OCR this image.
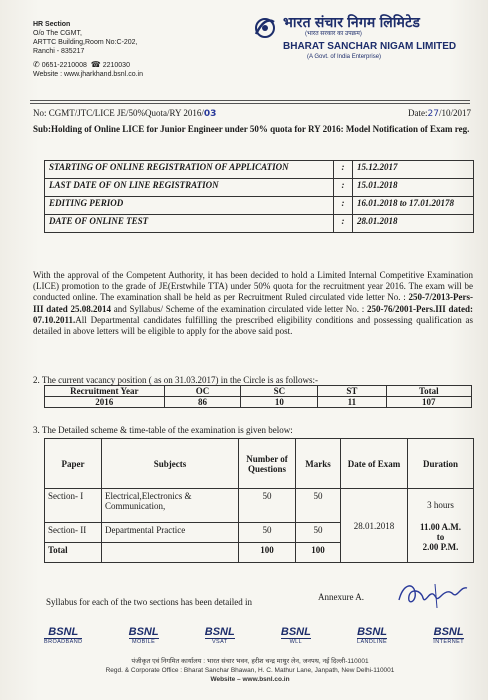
HR Section
O/o The CGMT,
ARTTC Building,Room No:C-202,
Ranchi - 835217
✆ 0651-2210008 ☎ 2210030
Website : www.jharkhand.bsnl.co.in
भारत संचार निगम लिमिटेड
(भारत सरकार का उपक्रम)
BHARAT SANCHAR NIGAM LIMITED
(A Govt. of India Enterprise)
No: CGMT/JTC/LICE JE/50%Quota/RY 2016/03	Date:27/10/2017
Sub:Holding of Online LICE for Junior Engineer under 50% quota for RY 2016: Model Notification of Exam reg.
STARTING OF ONLINE REGISTRATION OF APPLICATION	:	15.12.2017
LAST DATE OF ON LINE REGISTRATION	:	15.01.2018
EDITING PERIOD	:	16.01.2018 to 17.01.20178
DATE OF ONLINE TEST	:	28.01.2018
With the approval of the Competent Authority, it has been decided to hold a Limited Internal Competitive Examination (LICE) promotion to the grade of JE(Erstwhile TTA) under 50% quota for the recruitment year 2016. The exam will be conducted online. The examination shall be held as per Recruitment Ruled circulated vide letter No. : 250-7/2013-Pers-III dated 25.08.2014 and Syllabus/ Scheme of the examination circulated vide letter No. : 250-76/2001-Pers.III dated: 07.10.2011.All Departmental candidates fulfilling the prescribed eligibility conditions and possessing qualification as detailed in above letters will be eligible to apply for the above said post.
2. The current vacancy position ( as on 31.03.2017) in the Circle is as follows:-
Recruitment Year	OC	SC	ST	Total
2016	86	10	11	107
3. The Detailed scheme & time-table of the examination is given below:
Paper	Subjects	Number of Questions	Marks	Date of Exam	Duration
Section- I	Electrical,Electronics & Communication,	50	50	28.01.2018	3 hours
11.00 A.M.
to
2.00 P.M.

Section- II	Departmental Practice	50	50		
Total		100	100		
Syllabus for each of the two sections has been detailed in	Annexure A.
BSNL
BROADBAND
BSNL
MOBILE
BSNL
VSAT
BSNL
WLL
BSNL
LANDLINE
BSNL
INTERNET
पंजीकृत एवं निगमित कार्यालय : भारत संचार भवन, हरीश चन्द्र माथुर लेन, जनपथ, नई दिल्ली-110001
Regd. & Corporate Office : Bharat Sanchar Bhawan, H. C. Mathur Lane, Janpath, New Delhi-110001
Website – www.bsnl.co.in
